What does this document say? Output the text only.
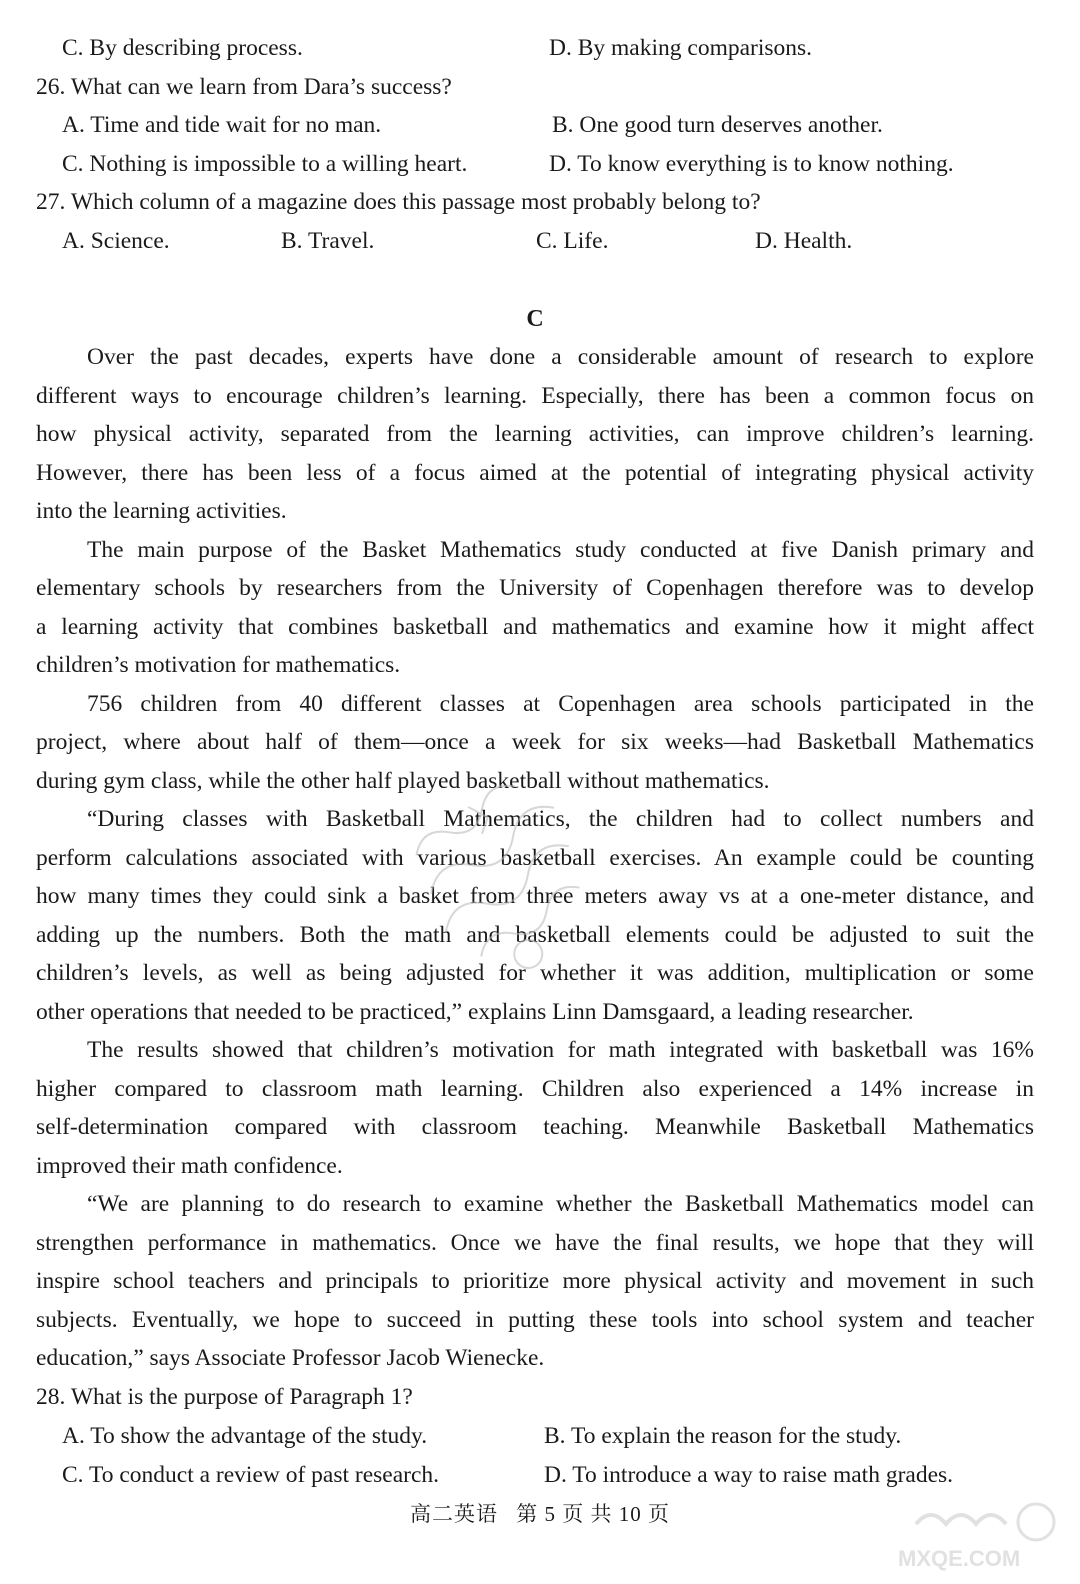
C. By describing process.	D. By making comparisons.
26. What can we learn from Dara’s success?
A. Time and tide wait for no man.	B. One good turn deserves another.
C. Nothing is impossible to a willing heart.	D. To know everything is to know nothing.
27. Which column of a magazine does this passage most probably belong to?
A. Science.	B. Travel.	C. Life.	D. Health.
C
Over the past decades, experts have done a considerable amount of research to explore
different ways to encourage children’s learning. Especially, there has been a common focus on
how physical activity, separated from the learning activities, can improve children’s learning.
However, there has been less of a focus aimed at the potential of integrating physical activity
into the learning activities.
The main purpose of the Basket Mathematics study conducted at five Danish primary and
elementary schools by researchers from the University of Copenhagen therefore was to develop
a learning activity that combines basketball and mathematics and examine how it might affect
children’s motivation for mathematics.
756 children from 40 different classes at Copenhagen area schools participated in the
project, where about half of them—once a week for six weeks—had Basketball Mathematics
during gym class, while the other half played basketball without mathematics.
“During classes with Basketball Mathematics, the children had to collect numbers and
perform calculations associated with various basketball exercises. An example could be counting
how many times they could sink a basket from three meters away vs at a one-meter distance, and
adding up the numbers. Both the math and basketball elements could be adjusted to suit the
children’s levels, as well as being adjusted for whether it was addition, multiplication or some
other operations that needed to be practiced,” explains Linn Damsgaard, a leading researcher.
The results showed that children’s motivation for math integrated with basketball was 16%
higher compared to classroom math learning. Children also experienced a 14% increase in
self-determination compared with classroom teaching. Meanwhile Basketball Mathematics
improved their math confidence.
“We are planning to do research to examine whether the Basketball Mathematics model can
strengthen performance in mathematics. Once we have the final results, we hope that they will
inspire school teachers and principals to prioritize more physical activity and movement in such
subjects. Eventually, we hope to succeed in putting these tools into school system and teacher
education,” says Associate Professor Jacob Wienecke.
28. What is the purpose of Paragraph 1?
A. To show the advantage of the study.	B. To explain the reason for the study.
C. To conduct a review of past research.	D. To introduce a way to raise math grades.
高二英语 第 5 页 共 10 页
MXQE.COM
